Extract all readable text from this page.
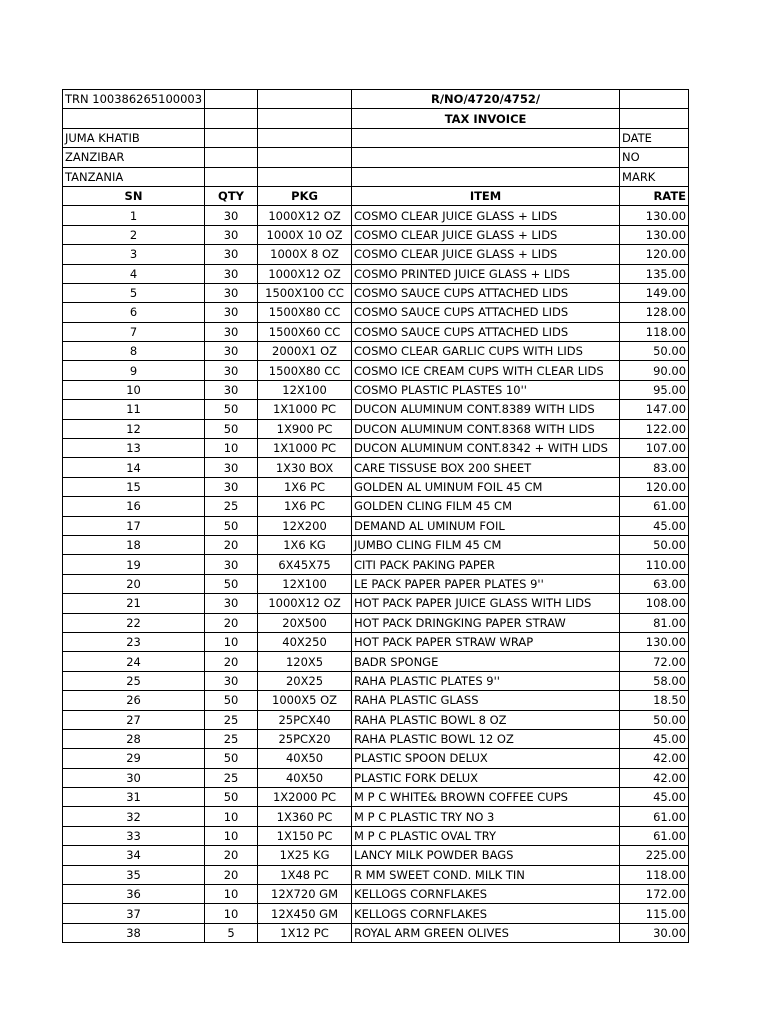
TRN 100386265100003			R/NO/4720/4752/	
			TAX INVOICE	
JUMA KHATIB				DATE
ZANZIBAR				NO
TANZANIA				MARK
SN	QTY	PKG	ITEM	RATE
1	30	1000X12 OZ	COSMO CLEAR JUICE GLASS + LIDS	130.00
2	30	1000X 10 OZ	COSMO CLEAR JUICE GLASS + LIDS	130.00
3	30	1000X 8 OZ	COSMO CLEAR JUICE GLASS + LIDS	120.00
4	30	1000X12 OZ	COSMO PRINTED JUICE GLASS + LIDS	135.00
5	30	1500X100 CC	COSMO SAUCE CUPS ATTACHED LIDS	149.00
6	30	1500X80 CC	COSMO SAUCE CUPS ATTACHED LIDS	128.00
7	30	1500X60 CC	COSMO SAUCE CUPS ATTACHED LIDS	118.00
8	30	2000X1 OZ	COSMO CLEAR GARLIC CUPS WITH LIDS	50.00
9	30	1500X80 CC	COSMO ICE CREAM CUPS WITH CLEAR LIDS	90.00
10	30	12X100	COSMO PLASTIC PLASTES 10''	95.00
11	50	1X1000 PC	DUCON ALUMINUM CONT.8389 WITH LIDS	147.00
12	50	1X900 PC	DUCON ALUMINUM CONT.8368 WITH LIDS	122.00
13	10	1X1000 PC	DUCON ALUMINUM CONT.8342 + WITH LIDS	107.00
14	30	1X30 BOX	CARE TISSUSE BOX 200 SHEET	83.00
15	30	1X6 PC	GOLDEN AL UMINUM FOIL 45 CM	120.00
16	25	1X6 PC	GOLDEN CLING FILM 45 CM	61.00
17	50	12X200	DEMAND AL UMINUM FOIL	45.00
18	20	1X6 KG	JUMBO CLING FILM 45 CM	50.00
19	30	6X45X75	CITI PACK PAKING PAPER	110.00
20	50	12X100	LE PACK PAPER PAPER PLATES 9''	63.00
21	30	1000X12 OZ	HOT PACK PAPER JUICE GLASS WITH LIDS	108.00
22	20	20X500	HOT PACK DRINGKING PAPER STRAW	81.00
23	10	40X250	HOT PACK PAPER STRAW WRAP	130.00
24	20	120X5	BADR SPONGE	72.00
25	30	20X25	RAHA PLASTIC PLATES 9''	58.00
26	50	1000X5 OZ	RAHA PLASTIC GLASS	18.50
27	25	25PCX40	RAHA PLASTIC BOWL 8 OZ	50.00
28	25	25PCX20	RAHA PLASTIC BOWL 12 OZ	45.00
29	50	40X50	PLASTIC SPOON DELUX	42.00
30	25	40X50	PLASTIC FORK DELUX	42.00
31	50	1X2000 PC	M P C WHITE& BROWN COFFEE CUPS	45.00
32	10	1X360 PC	M P C PLASTIC TRY NO 3	61.00
33	10	1X150 PC	M P C PLASTIC OVAL TRY	61.00
34	20	1X25 KG	LANCY MILK POWDER BAGS	225.00
35	20	1X48 PC	R MM SWEET COND. MILK TIN	118.00
36	10	12X720 GM	KELLOGS CORNFLAKES	172.00
37	10	12X450 GM	KELLOGS CORNFLAKES	115.00
38	5	1X12 PC	ROYAL ARM GREEN OLIVES	30.00
